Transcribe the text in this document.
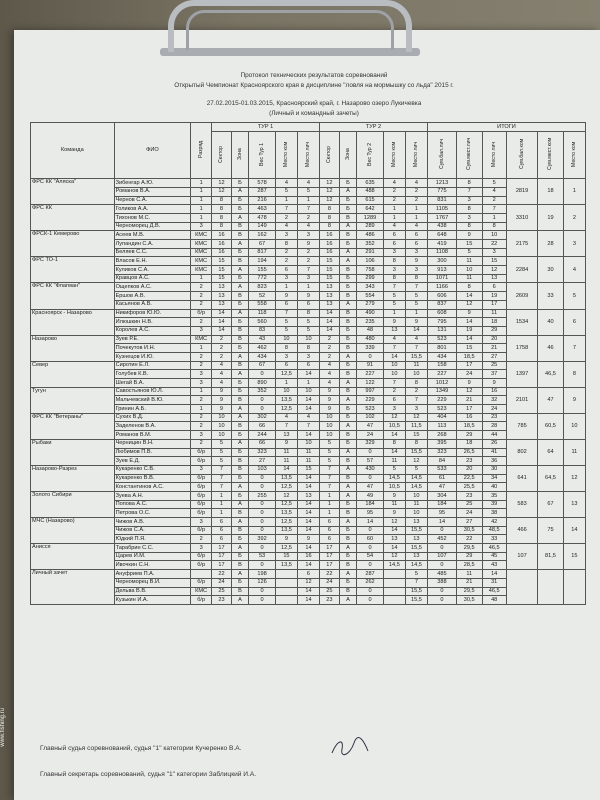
Протокол технических результатов соревнований
Открытый Чемпионат Красноярского края в дисциплине "ловля на мормышку со льда" 2015 г.
27.02.2015-01.03.2015, Красноярский край, г. Назарово озеро Лукичевка
(Личный и командный зачеты)
Команда	ФИО	Разряд	ТУР 1					ТУР 2					ИТОГИ					
			Сектор	Зона	Вес Тур 1	Место ком	Место лич	Сектор	Зона	Вес Тур 2	Место ком	Место лич	Сум.бал.лич	Сум.мест.лич	Место лич	Сум.бал.ком	Сум.мест.ком	Место ком
ФРС КК "Аляска"	Зибенгар А.Ю.	1	12	Б	578	4	4	12	Б	635	4	4	1213	8	5	2819	18	1
	Романов В.А.	1	12	А	287	5	5	12	А	488	2	2	775	7	4			
	Чернов С.А.	1	8	Б	216	1	1	12	Б	615	2	2	831	3	2			
ФРС КК	Голиков А.А.	1	8	Б	463	7	7	8	Б	642	1	1	1105	8	7	3310	19	2
	Тихонов М.С.	1	8	А	478	2	2	8	В	1289	1	1	1767	3	1			
	Черноморец Д.В.	3	8	В	149	4	4	8	А	289	4	4	438	8	8			
ФРСК-1 Кемерово	Асеев М.В.	КМС	16	В	162	3	3	16	В	486	6	6	648	9	10	2175	28	3
	Лупандин С.А.	КМС	16	А	67	8	9	16	Б	352	6	6	419	15	22			
	Беляев С.С.	КМС	16	Б	817	2	2	16	А	291	3	3	1108	5	3			
ФРС ТО-1	Власов Е.Н.	КМС	15	В	194	2	2	15	А	106	8	9	300	11	15	2284	30	4
	Куликов С.А.	КМС	15	А	155	6	7	15	В	758	3	3	913	10	12			
	Кравцов А.С.	1	15	Б	772	3	3	15	Б	299	8	8	1071	11	13			
ФРС КК "Флагман"	Ощепков А.С.	2	13	А	823	1	1	13	Б	343	7	7	1166	8	6	2609	33	5
	Ершов А.В.	2	13	В	52	9	9	13	В	554	5	5	606	14	19			
	Касьянов А.В.	2	13	Б	558	6	6	13	А	279	5	5	837	12	17			
Красноярск - Назарово	Никифоров Ю.Ю.	б/р	14	А	118	7	8	14	В	490	1	1	608	9	11	1534	40	6
	Илюшкин Н.В.	2	14	Б	560	5	5	14	В	235	9	9	795	14	18			
	Королев А.С.	3	14	В	83	5	5	14	Б	48	13	14	131	19	29			
Назарово	Зуев Р.Е.	КМС	2	В	43	10	10	2	Б	480	4	4	523	14	20	1758	46	7
	Почекутов И.Н.	1	2	Б	462	8	8	2	В	339	7	7	801	15	21			
	Кузнецов И.Ю.	2	2	А	434	3	3	2	А	0	14	15,5	434	18,5	27			
Север	Сиротин Е.Л.	2	4	В	67	6	6	4	Б	91	10	11	158	17	25	1397	46,5	8
	Голубев К.В.	3	4	А	0	12,5	14	4	В	227	10	10	227	24	37			
	Шегай В.А.	3	4	Б	890	1	1	4	А	122	7	8	1012	9	9			
Тугун	Савостьянов Ю.Л.	1	9	Б	352	10	10	9	В	997	2	2	1349	12	16	2101	47	9
	Мальчевский В.Ю.	2	9	В	0	13,5	14	9	А	229	6	7	229	21	32			
	Гринин А.Б.	1	9	А	0	12,5	14	9	Б	523	3	3	523	17	24			
ФРС КК "Ветераны"	Сухих В.Д.	2	10	А	302	4	4	10	Б	102	12	12	404	16	23	785	60,5	10
	Заделенов В.А.	2	10	В	66	7	7	10	А	47	10,5	11,5	113	18,5	28			
	Романов В.М.	3	10	Б	244	13	14	10	В	24	14	15	268	29	44			
Рыбаки	Черницин В.Н.	2	5	А	66	9	10	5	Б	329	8	8	395	18	26	802	64	11
	Любимов П.В.	б/р	5	Б	323	11	11	5	А	0	14	15,5	323	26,5	41			
	Зуев Е.Д.	б/р	5	В	27	11	11	5	В	57	11	12	84	23	36			
Назарово-Разрез	Кукаренко С.В.	3	7	В	103	14	15	7	А	430	5	5	533	20	30	641	64,5	12
	Кукаренко В.В.	б/р	7	Б	0	13,5	14	7	В	0	14,5	14,5	61	22,5	34			
	Константинов А.С.	б/р	7	А	0	12,5	14	7	А	47	10,5	14,5	47	25,5	40			
Золото Сибири	Зуева А.Н.	б/р	1	Б	255	12	13	1	А	49	9	10	304	23	35	583	67	13
	Попова А.С.	б/р	1	А	0	12,5	14	1	Б	184	11	11	184	25	39			
	Петрова О.С.	б/р	1	В	0	13,5	14	1	В	95	9	10	95	24	38			
МЧС (Назарово)	Чижов А.В.	3	6	А	0	12,5	14	6	А	14	12	13	14	27	42	466	75	14
	Чижов С.А.	б/р	6	В	0	13,5	14	6	Б	0	14	15,5	0	30,5	48,5			
	Юдкий П.Я.	2	6	Б	392	9	9	6	В	60	13	13	452	22	33			
Анисся	Тарабрин С.С.	3	17	А	0	12,5	14	17	А	0	14	15,5	0	29,5	46,5	107	81,5	15
	Царев И.М.	б/р	17	Б	53	15	16	17	Б	54	12	13	107	29	45			
	Ивочкин С.Н.	б/р	17	В	0	13,5	14	17	В	0	14,5	14,5	0	28,5	43			
Личный зачет	Ануфриев П.А.		22	А	198		6	22	А	287		5	485	11	14			
	Черноморец В.И.	б/р	24	Б	126		12	24	Б	262		7	388	21	31			
	Дельва В.В.	КМС	25	В	0		14	25	В	0		15,5	0	29,5	46,5			
	Кузькин И.А.	б/р	23	А	0		14	23	А	0		15,5	0	30,5	48			
Главный судья соревнований, судья "1" категории Кучеренко В.А.
Главный секретарь соревнований, судья "1" категории Заблицкий И.А.
www.fishing.ru
